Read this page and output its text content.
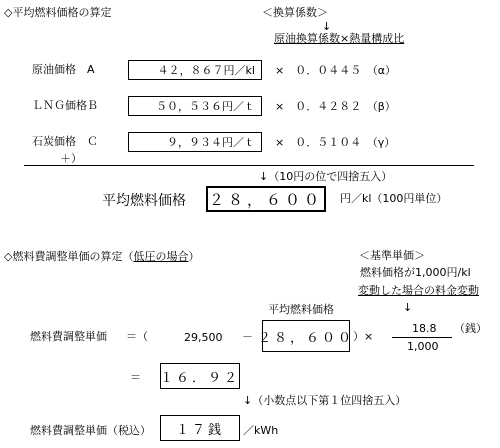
◇平均燃料価格の算定	＜換算係数＞
↓
原油換算係数×熱量構成比
原油価格　A	４２，８６７円／kl ×　０．０４４５　（α）
ＬＮＧ価格Ｂ	５０，５３６円／ｔ ×　０．４２８２　（β）
石炭価格　Ｃ	９，９３４円／ｔ ×　０．５１０４　（γ）
＋）
↓（10円の位で四捨五入）
平均燃料価格 ２８，６００ 円／kl（100円単位）
◇燃料費調整単価の算定（低圧の場合）	＜基準単価＞
燃料価格が1,000円/kl
変動した場合の料金変動
↓
平均燃料価格
燃料費調整単価 ＝（	29,500 － ２８，６００
）×
18.8
1,000
（銭）
＝ １６．９２
↓（小数点以下第１位四捨五入）
燃料費調整単価（税込） １７銭 ／kWh
